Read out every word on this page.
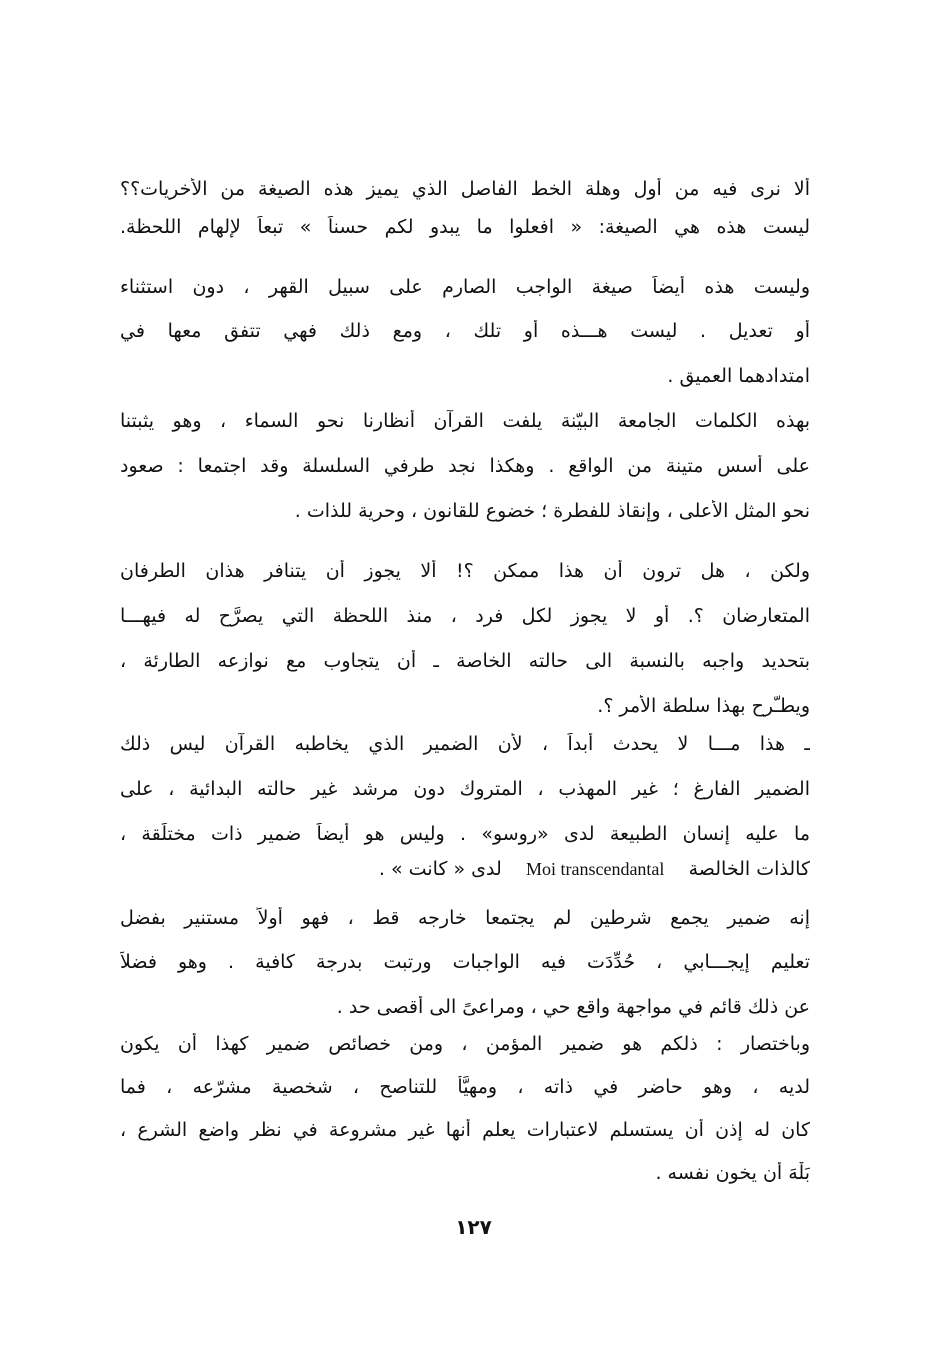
ألا نرى فيه من أول وهلة الخط الفاصل الذي يميز هذه الصيغة من الأخريات؟؟
ليست هذه هي الصيغة: « افعلوا ما يبدو لكم حسناً » تبعاً لإلهام اللحظة.
وليست هذه أيضاً صيغة الواجب الصارم على سبيل القهر ، دون استثناء
أو تعديل . ليست هـــذه أو تلك ، ومع ذلك فهي تتفق معها في
امتدادهما العميق .
بهذه الكلمات الجامعة البيّنة يلفت القرآن أنظارنا نحو السماء ، وهو يثبتنا
على أسس متينة من الواقع . وهكذا نجد طرفي السلسلة وقد اجتمعا : صعود
نحو المثل الأعلى ، وإنقاذ للفطرة ؛ خضوع للقانون ، وحرية للذات .
ولكن ، هل ترون أن هذا ممكن ؟! ألا يجوز أن يتنافر هذان الطرفان
المتعارضان ؟. أو لا يجوز لكل فرد ، منذ اللحظة التي يصرَّح له فيهـــا
بتحديد واجبه بالنسبة الى حالته الخاصة ـ أن يتجاوب مع نوازعه الطارئة ،
ويطـّرح بهذا سلطة الأمر ؟.
ـ هذا مـــا لا يحدث أبداً ، لأن الضمير الذي يخاطبه القرآن ليس ذلك
الضمير الفارغ ؛ غير المهذب ، المتروك دون مرشد غير حالته البدائية ، على
ما عليه إنسان الطبيعة لدى «روسو» . وليس هو أيضاً ضمير ذات مختلَقة ،
كالذات الخالصة    Moi transcendantal    لدى « كانت » .
إنه ضمير يجمع شرطين لم يجتمعا خارجه قط ، فهو أولاً مستنير بفضل
تعليم إيجـــابي ، حُدِّدَت فيه الواجبات ورتبت بدرجة كافية . وهو فضلاً
عن ذلك قائم في مواجهة واقع حي ، ومراعىً الى أقصى حد .
وباختصار : ذلكم هو ضمير المؤمن ، ومن خصائص ضمير كهذا أن يكون
لديه ، وهو حاضر في ذاته ، ومهيَّأ للتناصح ، شخصية مشرّعه ، فما
كان له إذن أن يستسلم لاعتبارات يعلم أنها غير مشروعة في نظر واضع الشرع ،
بَلْهَ أن يخون نفسه .
١٢٧
